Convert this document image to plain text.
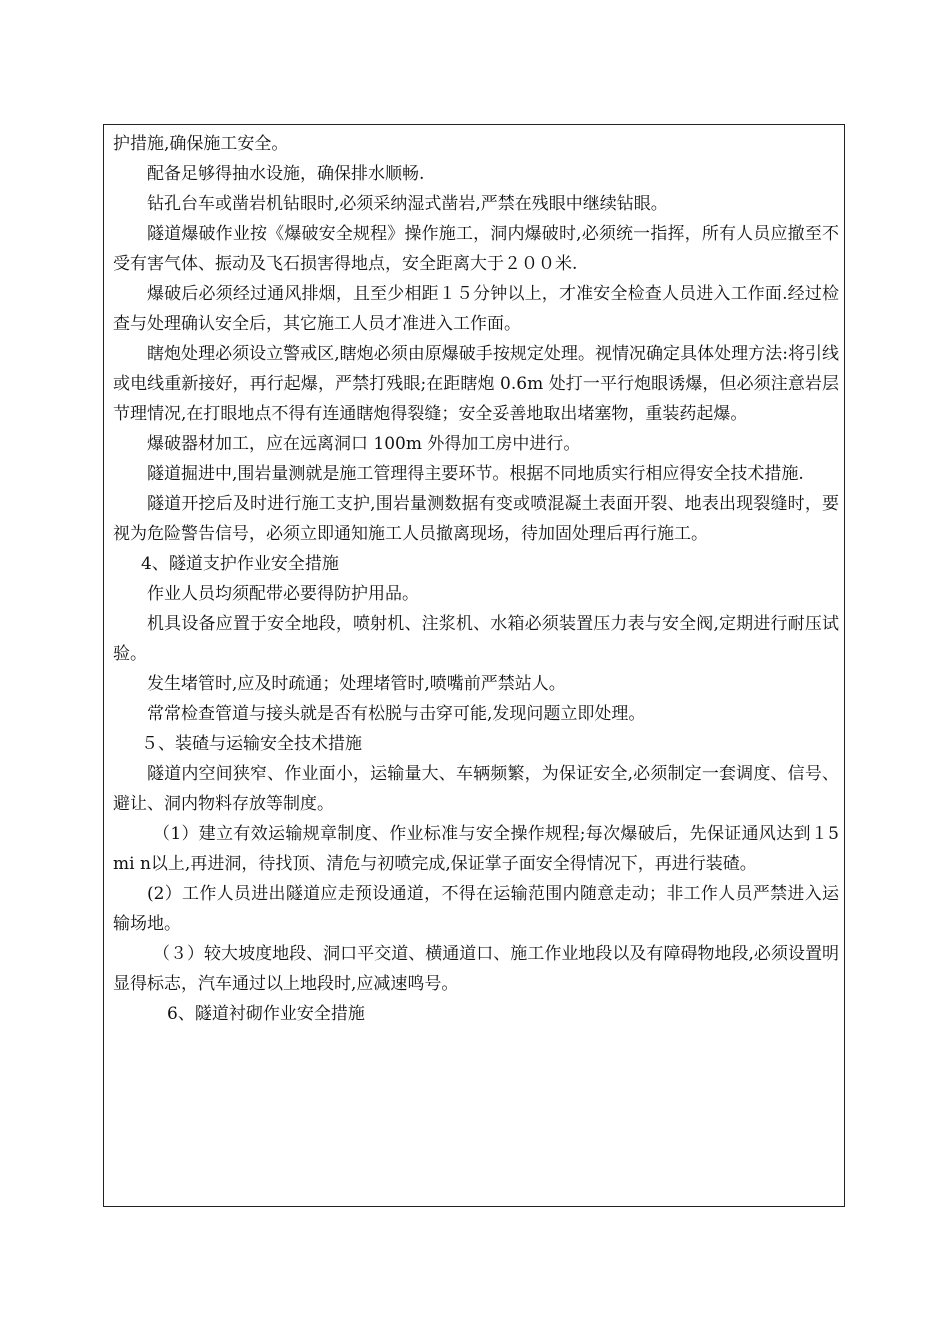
护措施,确保施工安全。

配备足够得抽水设施，确保排水顺畅.

钻孔台车或凿岩机钻眼时,必须采纳湿式凿岩,严禁在残眼中继续钻眼。

隧道爆破作业按《爆破安全规程》操作施工，洞内爆破时,必须统一指挥，所有人员应撤至不受有害气体、振动及飞石损害得地点，安全距离大于２００米.

爆破后必须经过通风排烟，且至少相距１５分钟以上，才准安全检查人员进入工作面.经过检查与处理确认安全后，其它施工人员才准进入工作面。

瞎炮处理必须设立警戒区,瞎炮必须由原爆破手按规定处理。视情况确定具体处理方法:将引线或电线重新接好，再行起爆，严禁打残眼;在距瞎炮 0.6m 处打一平行炮眼诱爆，但必须注意岩层节理情况,在打眼地点不得有连通瞎炮得裂缝；安全妥善地取出堵塞物，重装药起爆。

爆破器材加工，应在远离洞口 100m 外得加工房中进行。

隧道掘进中,围岩量测就是施工管理得主要环节。根据不同地质实行相应得安全技术措施.

隧道开挖后及时进行施工支护,围岩量测数据有变或喷混凝土表面开裂、地表出现裂缝时，要视为危险警告信号，必须立即通知施工人员撤离现场，待加固处理后再行施工。

4、隧道支护作业安全措施

作业人员均须配带必要得防护用品。

机具设备应置于安全地段，喷射机、注浆机、水箱必须装置压力表与安全阀,定期进行耐压试验。

发生堵管时,应及时疏通；处理堵管时,喷嘴前严禁站人。

常常检查管道与接头就是否有松脱与击穿可能,发现问题立即处理。

５、装碴与运输安全技术措施

隧道内空间狭窄、作业面小，运输量大、车辆频繁，为保证安全,必须制定一套调度、信号、避让、洞内物料存放等制度。

（1）建立有效运输规章制度、作业标准与安全操作规程;每次爆破后，先保证通风达到１5mi n以上,再进洞，待找顶、清危与初喷完成,保证掌子面安全得情况下，再进行装碴。

(2）工作人员进出隧道应走预设通道，不得在运输范围内随意走动；非工作人员严禁进入运输场地。

（３）较大坡度地段、洞口平交道、横通道口、施工作业地段以及有障碍物地段,必须设置明显得标志，汽车通过以上地段时,应减速鸣号。

6、隧道衬砌作业安全措施
